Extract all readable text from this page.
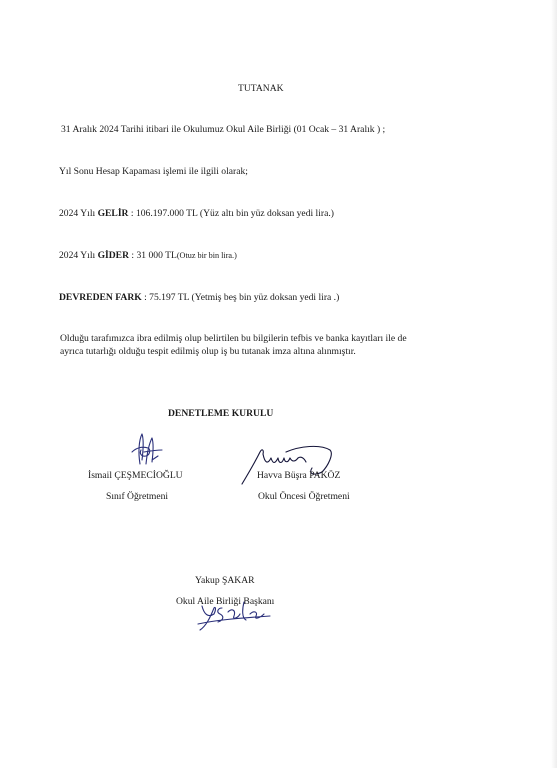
TUTANAK
31 Aralık 2024 Tarihi itibari ile Okulumuz Okul Aile Birliği (01 Ocak – 31 Aralık ) ;
Yıl Sonu Hesap Kapaması işlemi ile ilgili olarak;
2024 Yılı GELİR : 106.197.000 TL (Yüz altı bin yüz doksan yedi lira.)
2024 Yılı GİDER : 31 000 TL(Otuz bir bin lira.)
DEVREDEN FARK : 75.197 TL (Yetmiş beş bin yüz doksan yedi lira .)
Olduğu tarafımızca ibra edilmiş olup belirtilen bu bilgilerin tefbis ve banka kayıtları ile de
ayrıca tutarlığı olduğu tespit edilmiş olup iş bu tutanak imza altına alınmıştır.
DENETLEME KURULU
İsmail ÇEŞMECİOĞLU
Sınıf Öğretmeni
Havva Büşra PAKÖZ
Okul Öncesi Öğretmeni
Yakup ŞAKAR
Okul Aile Birliği Başkanı
